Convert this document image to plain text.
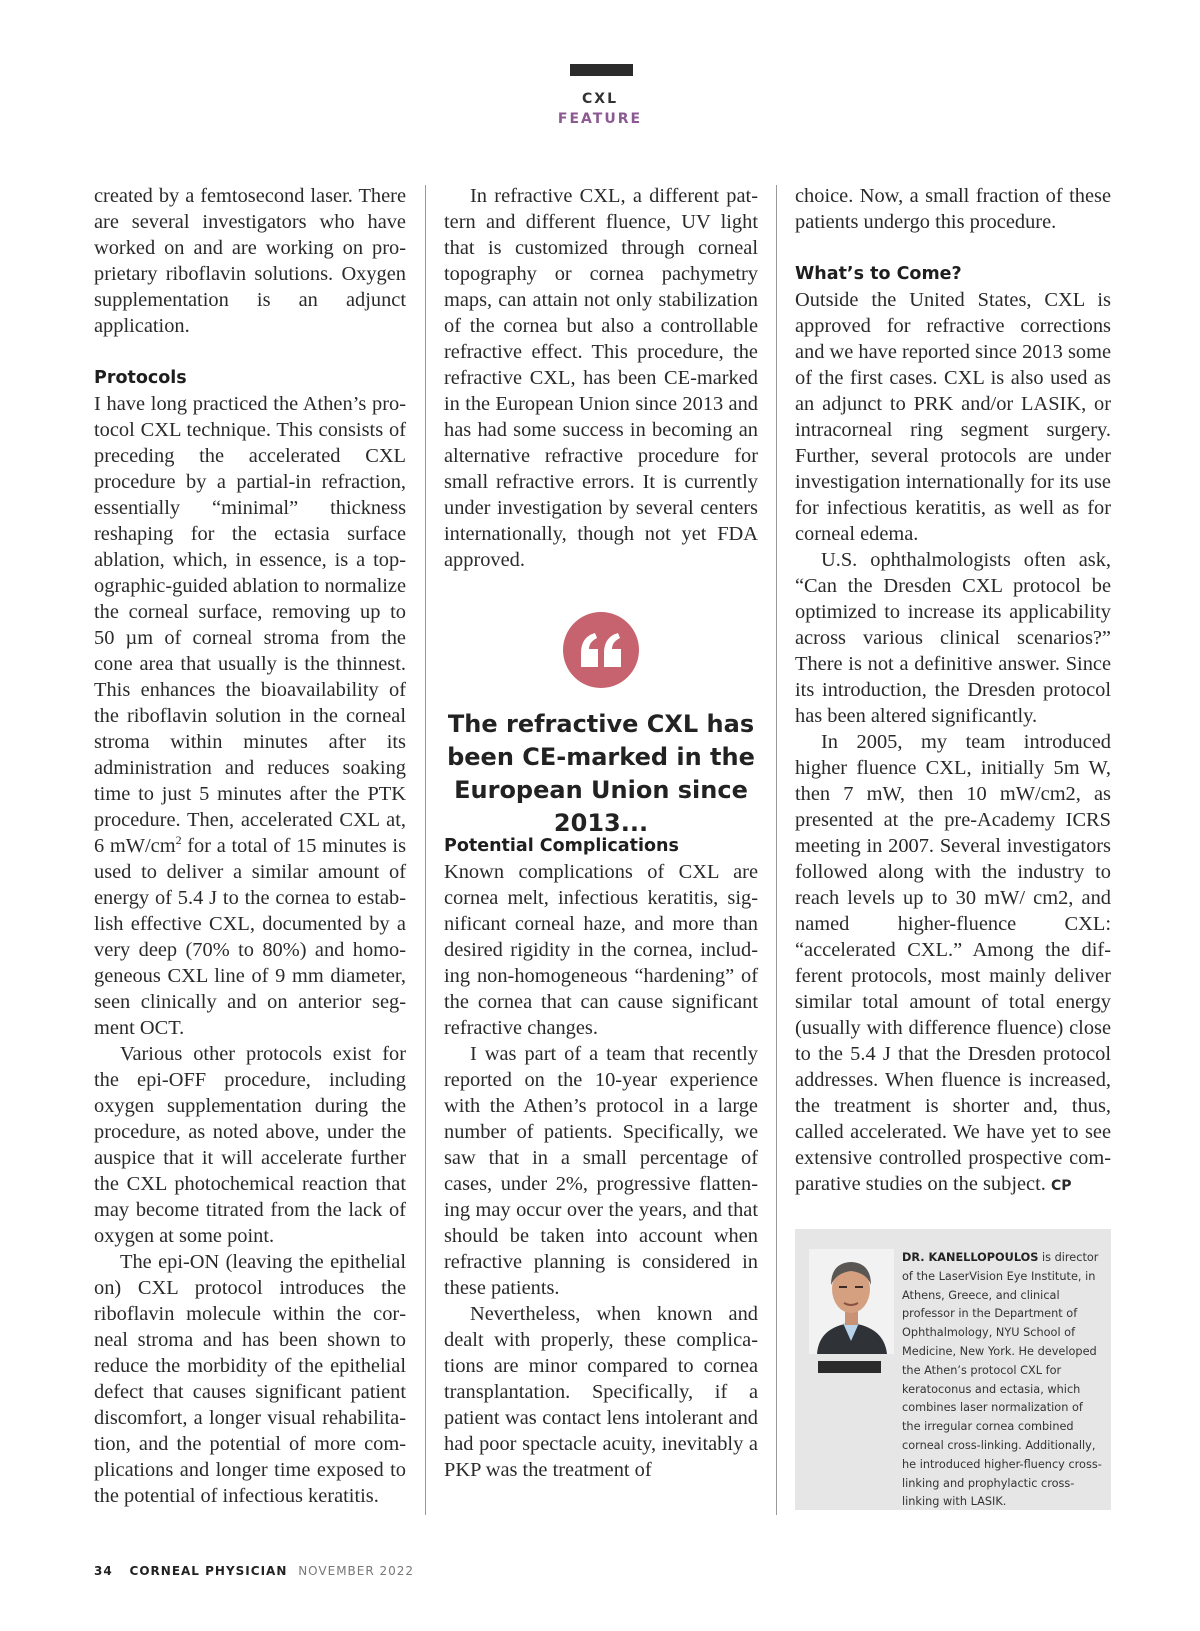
CXL
FEATURE

created by a femtosecond laser. There are several investigators who have worked on and are working on proprietary riboflavin solutions. Oxygen supplementation is an adjunct application.

Protocols

I have long practiced the Athen’s protocol CXL technique. This consists of preceding the accelerated CXL procedure by a partial-in refraction, essentially “minimal” thickness reshaping for the ectasia surface ablation, which, in essence, is a topographic-guided ablation to normalize the corneal surface, removing up to 50 µm of corneal stroma from the cone area that usually is the thinnest. This enhances the bioavailability of the riboflavin solution in the corneal stroma within minutes after its administration and reduces soaking time to just 5 minutes after the PTK procedure. Then, accelerated CXL at, 6 $mW/cm^2$ for a total of 15 minutes is used to deliver a similar amount of energy of 5.4 J to the cornea to establish effective CXL, documented by a very deep (70% to 80%) and homogeneous CXL line of 9 mm diameter, seen clinically and on anterior segment OCT.

Various other protocols exist for the epi-OFF procedure, including oxygen supplementation during the procedure, as noted above, under the auspice that it will accelerate further the CXL photochemical reaction that may become titrated from the lack of oxygen at some point.

The epi-ON (leaving the epithelial on) CXL protocol introduces the riboflavin molecule within the corneal stroma and has been shown to reduce the morbidity of the epithelial defect that causes significant patient discomfort, a longer visual rehabilitation, and the potential of more complications and longer time exposed to the potential of infectious keratitis.

In refractive CXL, a different pattern and different fluence, UV light that is customized through corneal topography or cornea pachymetry maps, can attain not only stabilization of the cornea but also a controllable refractive effect. This procedure, the refractive CXL, has been CE-marked in the European Union since 2013 and has had some success in becoming an alternative refractive procedure for small refractive errors. It is currently under investigation by several centers internationally, though not yet FDA approved.

The refractive CXL has been CE-marked in the European Union since 2013...
Potential Complications

Known complications of CXL are cornea melt, infectious keratitis, significant corneal haze, and more than desired rigidity in the cornea, including non-homogeneous “hardening” of the cornea that can cause significant refractive changes.

I was part of a team that recently reported on the 10-year experience with the Athen’s protocol in a large number of patients. Specifically, we saw that in a small percentage of cases, under 2%, progressive flattening may occur over the years, and that should be taken into account when refractive planning is considered in these patients.

Nevertheless, when known and dealt with properly, these complications are minor compared to cornea transplantation. Specifically, if a patient was contact lens intolerant and had poor spectacle acuity, inevitably a PKP was the treatment of

choice. Now, a small fraction of these patients undergo this procedure.

What’s to Come?

Outside the United States, CXL is approved for refractive corrections and we have reported since 2013 some of the first cases. CXL is also used as an adjunct to PRK and/or LASIK, or intracorneal ring segment surgery. Further, several protocols are under investigation internationally for its use for infectious keratitis, as well as for corneal edema.

U.S. ophthalmologists often ask, “Can the Dresden CXL protocol be optimized to increase its applicability across various clinical scenarios?” There is not a definitive answer. Since its introduction, the Dresden protocol has been altered significantly.

In 2005, my team introduced higher fluence CXL, initially 5m W, then 7 mW, then 10 mW/cm2, as presented at the pre-Academy ICRS meeting in 2007. Several investigators followed along with the industry to reach levels up to 30 mW/ cm2, and named higher-fluence CXL: “accelerated CXL.” Among the different protocols, most mainly deliver similar total amount of total energy (usually with difference fluence) close to the 5.4 J that the Dresden protocol addresses. When fluence is increased, the treatment is shorter and, thus, called accelerated. We have yet to see extensive controlled prospective comparative studies on the subject. CP

DR. KANELLOPOULOS is director of the LaserVision Eye Institute, in Athens, Greece, and clinical professor in the Department of Ophthalmology, NYU School of Medicine, New York. He developed the Athen’s protocol CXL for keratoconus and ectasia, which combines laser normalization of the irregular cornea combined corneal cross-linking. Additionally, he introduced higher-fluency cross-linking and prophylactic cross-linking with LASIK.
34 CORNEAL PHYSICIAN NOVEMBER 2022
